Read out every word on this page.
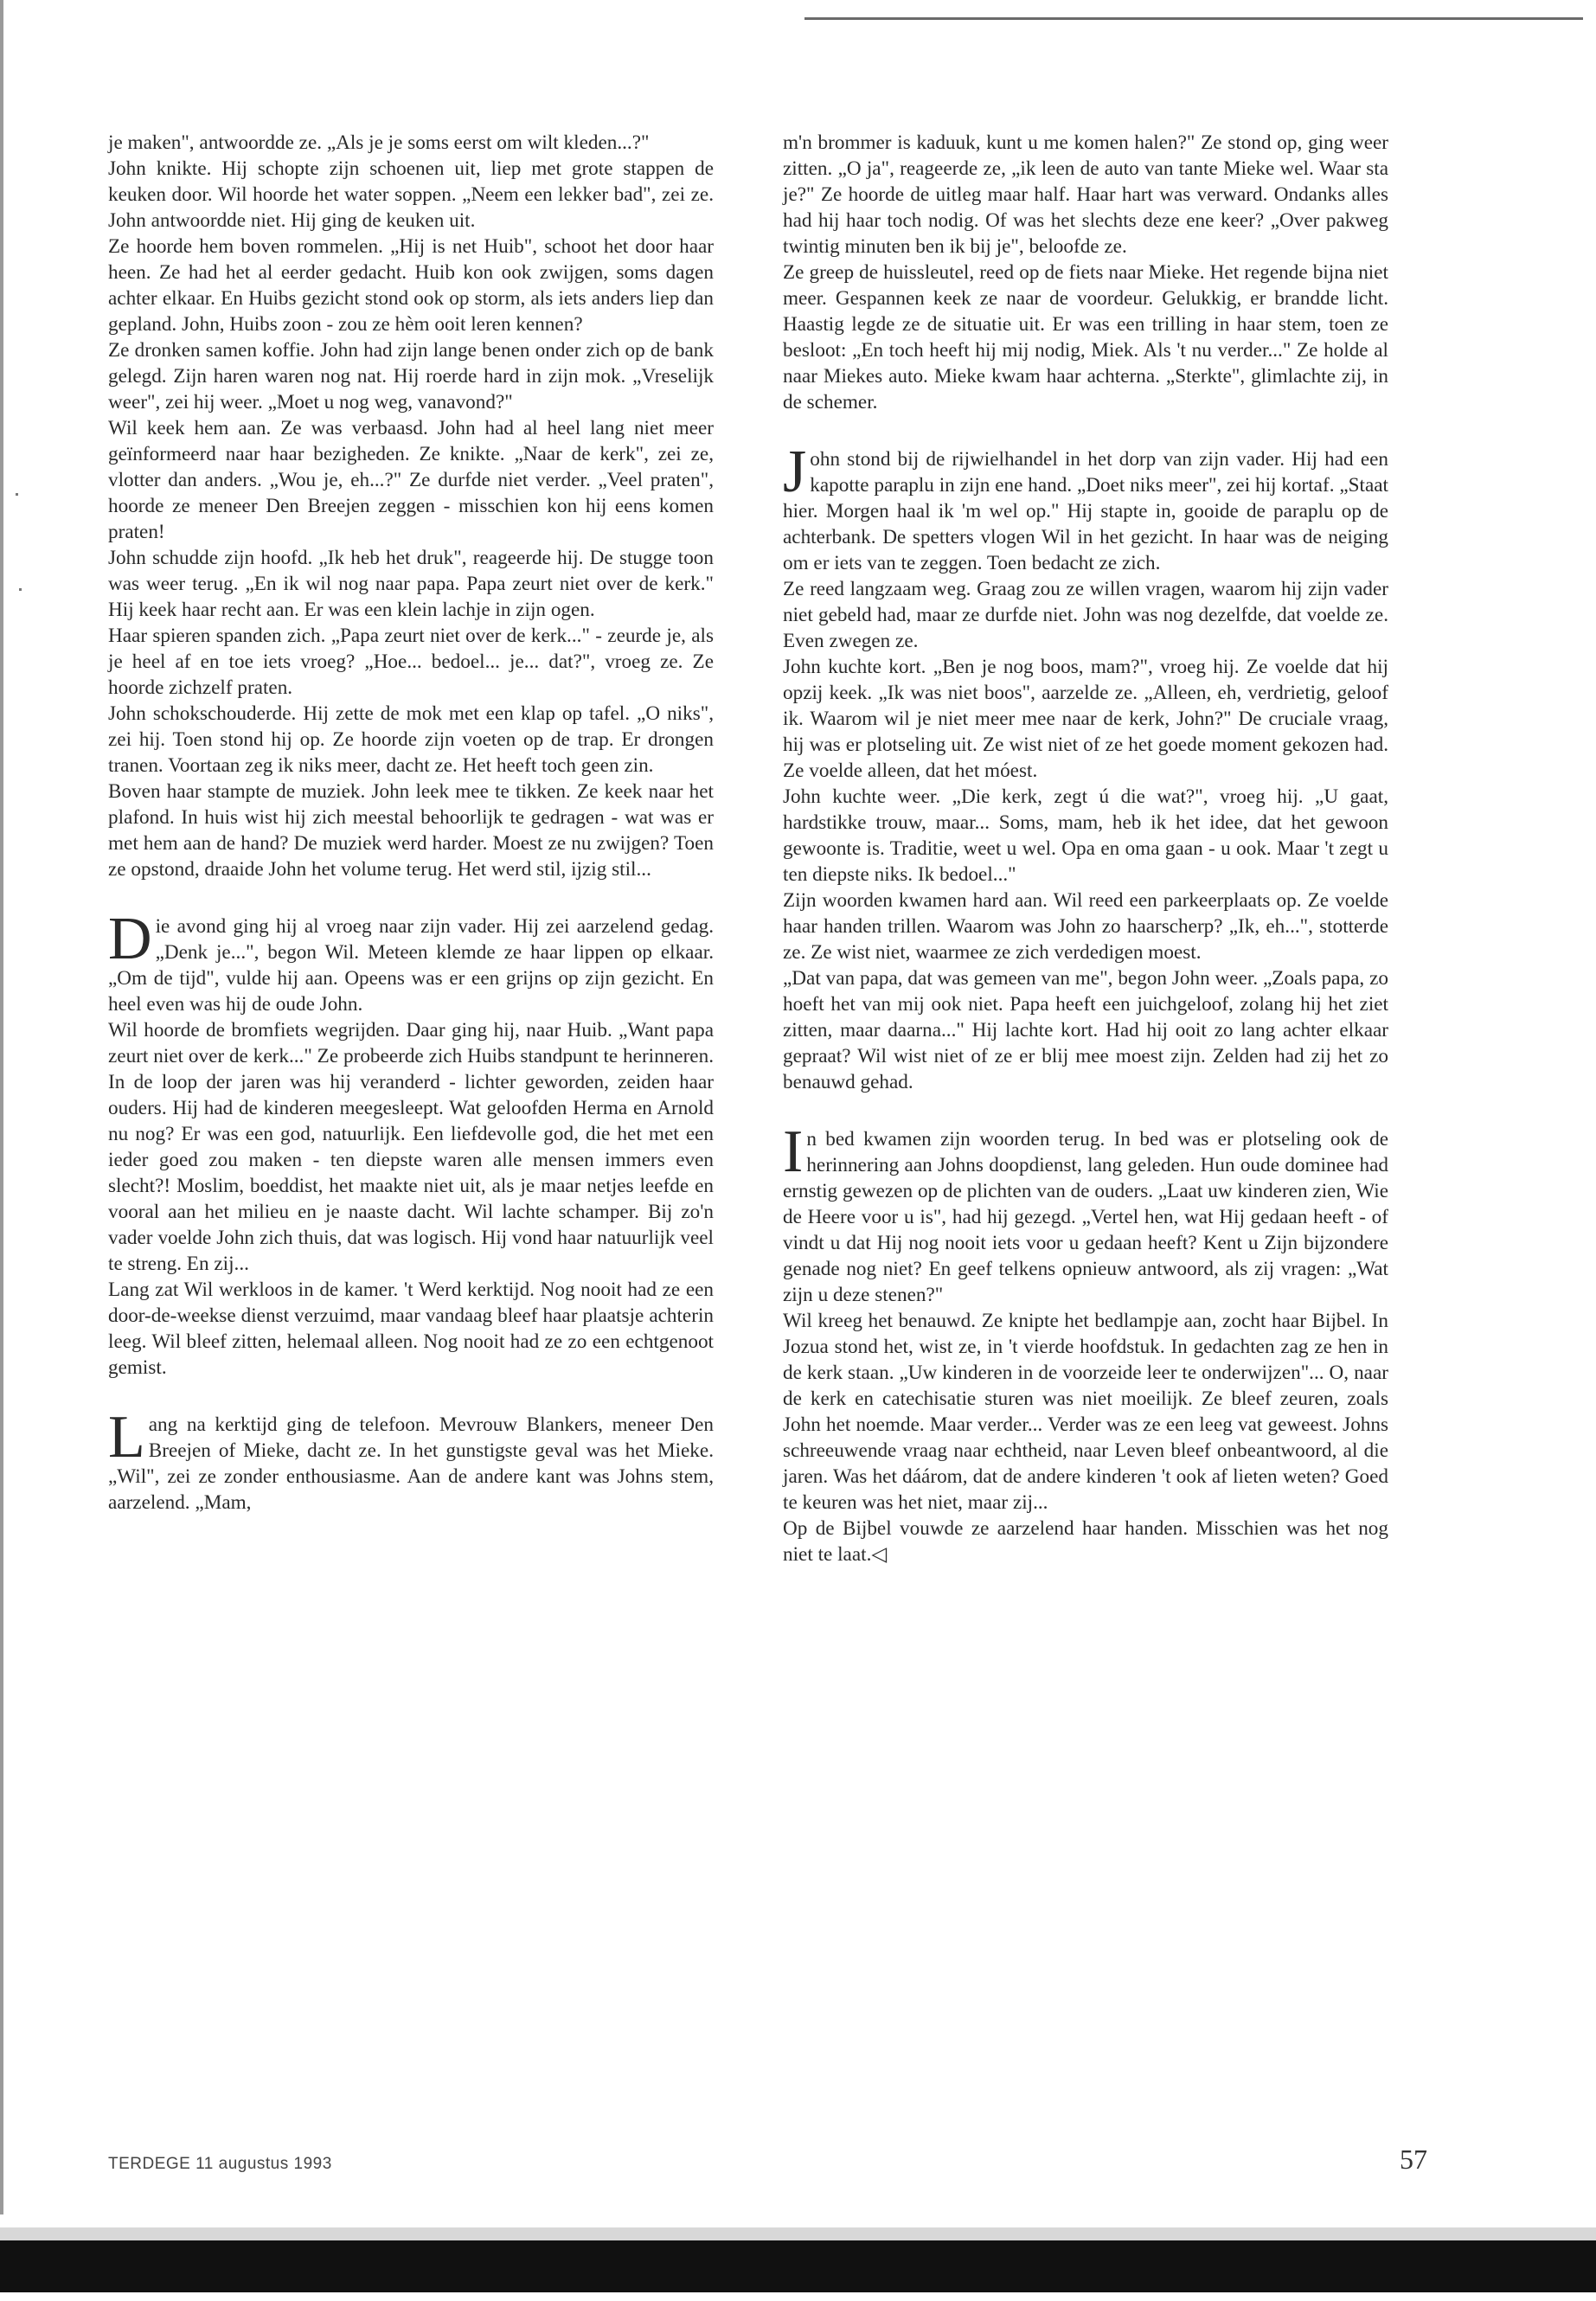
je maken", antwoordde ze. „Als je je soms eerst om wilt kleden...?"

John knikte. Hij schopte zijn schoenen uit, liep met grote stappen de keuken door. Wil hoorde het water soppen. „Neem een lekker bad", zei ze. John antwoordde niet. Hij ging de keuken uit.

Ze hoorde hem boven rommelen. „Hij is net Huib", schoot het door haar heen. Ze had het al eerder gedacht. Huib kon ook zwijgen, soms dagen achter elkaar. En Huibs gezicht stond ook op storm, als iets anders liep dan gepland. John, Huibs zoon - zou ze hèm ooit leren kennen?

Ze dronken samen koffie. John had zijn lange benen onder zich op de bank gelegd. Zijn haren waren nog nat. Hij roerde hard in zijn mok. „Vreselijk weer", zei hij weer. „Moet u nog weg, vanavond?"

Wil keek hem aan. Ze was verbaasd. John had al heel lang niet meer geïnformeerd naar haar bezigheden. Ze knikte. „Naar de kerk", zei ze, vlotter dan anders. „Wou je, eh...?" Ze durfde niet verder. „Veel praten", hoorde ze meneer Den Breejen zeggen - misschien kon hij eens komen praten!

John schudde zijn hoofd. „Ik heb het druk", reageerde hij. De stugge toon was weer terug. „En ik wil nog naar papa. Papa zeurt niet over de kerk." Hij keek haar recht aan. Er was een klein lachje in zijn ogen.

Haar spieren spanden zich. „Papa zeurt niet over de kerk..." - zeurde je, als je heel af en toe iets vroeg? „Hoe... bedoel... je... dat?", vroeg ze. Ze hoorde zichzelf praten.

John schokschouderde. Hij zette de mok met een klap op tafel. „O niks", zei hij. Toen stond hij op. Ze hoorde zijn voeten op de trap. Er drongen tranen. Voortaan zeg ik niks meer, dacht ze. Het heeft toch geen zin.

Boven haar stampte de muziek. John leek mee te tikken. Ze keek naar het plafond. In huis wist hij zich meestal behoorlijk te gedragen - wat was er met hem aan de hand? De muziek werd harder. Moest ze nu zwijgen? Toen ze opstond, draaide John het volume terug. Het werd stil, ijzig stil...

Die avond ging hij al vroeg naar zijn vader. Hij zei aarzelend gedag. „Denk je...", begon Wil. Meteen klemde ze haar lippen op elkaar. „Om de tijd", vulde hij aan. Opeens was er een grijns op zijn gezicht. En heel even was hij de oude John.

Wil hoorde de bromfiets wegrijden. Daar ging hij, naar Huib. „Want papa zeurt niet over de kerk..." Ze probeerde zich Huibs standpunt te herinneren. In de loop der jaren was hij veranderd - lichter geworden, zeiden haar ouders. Hij had de kinderen meegesleept. Wat geloofden Herma en Arnold nu nog? Er was een god, natuurlijk. Een liefdevolle god, die het met een ieder goed zou maken - ten diepste waren alle mensen immers even slecht?! Moslim, boeddist, het maakte niet uit, als je maar netjes leefde en vooral aan het milieu en je naaste dacht. Wil lachte schamper. Bij zo'n vader voelde John zich thuis, dat was logisch. Hij vond haar natuurlijk veel te streng. En zij...

Lang zat Wil werkloos in de kamer. 't Werd kerktijd. Nog nooit had ze een door-de-weekse dienst verzuimd, maar vandaag bleef haar plaatsje achterin leeg. Wil bleef zitten, helemaal alleen. Nog nooit had ze zo een echtgenoot gemist.

Lang na kerktijd ging de telefoon. Mevrouw Blankers, meneer Den Breejen of Mieke, dacht ze. In het gunstigste geval was het Mieke. „Wil", zei ze zonder enthousiasme. Aan de andere kant was Johns stem, aarzelend. „Mam,

m'n brommer is kaduuk, kunt u me komen halen?" Ze stond op, ging weer zitten. „O ja", reageerde ze, „ik leen de auto van tante Mieke wel. Waar sta je?" Ze hoorde de uitleg maar half. Haar hart was verward. Ondanks alles had hij haar toch nodig. Of was het slechts deze ene keer? „Over pakweg twintig minuten ben ik bij je", beloofde ze.

Ze greep de huissleutel, reed op de fiets naar Mieke. Het regende bijna niet meer. Gespannen keek ze naar de voordeur. Gelukkig, er brandde licht. Haastig legde ze de situatie uit. Er was een trilling in haar stem, toen ze besloot: „En toch heeft hij mij nodig, Miek. Als 't nu verder..." Ze holde al naar Miekes auto. Mieke kwam haar achterna. „Sterkte", glimlachte zij, in de schemer.

John stond bij de rijwielhandel in het dorp van zijn vader. Hij had een kapotte paraplu in zijn ene hand. „Doet niks meer", zei hij kortaf. „Staat hier. Morgen haal ik 'm wel op." Hij stapte in, gooide de paraplu op de achterbank. De spetters vlogen Wil in het gezicht. In haar was de neiging om er iets van te zeggen. Toen bedacht ze zich.

Ze reed langzaam weg. Graag zou ze willen vragen, waarom hij zijn vader niet gebeld had, maar ze durfde niet. John was nog dezelfde, dat voelde ze. Even zwegen ze.

John kuchte kort. „Ben je nog boos, mam?", vroeg hij. Ze voelde dat hij opzij keek. „Ik was niet boos", aarzelde ze. „Alleen, eh, verdrietig, geloof ik. Waarom wil je niet meer mee naar de kerk, John?" De cruciale vraag, hij was er plotseling uit. Ze wist niet of ze het goede moment gekozen had. Ze voelde alleen, dat het móest.

John kuchte weer. „Die kerk, zegt ú die wat?", vroeg hij. „U gaat, hardstikke trouw, maar... Soms, mam, heb ik het idee, dat het gewoon gewoonte is. Traditie, weet u wel. Opa en oma gaan - u ook. Maar 't zegt u ten diepste niks. Ik bedoel..."

Zijn woorden kwamen hard aan. Wil reed een parkeerplaats op. Ze voelde haar handen trillen. Waarom was John zo haarscherp? „Ik, eh...", stotterde ze. Ze wist niet, waarmee ze zich verdedigen moest.

„Dat van papa, dat was gemeen van me", begon John weer. „Zoals papa, zo hoeft het van mij ook niet. Papa heeft een juichgeloof, zolang hij het ziet zitten, maar daarna..." Hij lachte kort. Had hij ooit zo lang achter elkaar gepraat? Wil wist niet of ze er blij mee moest zijn. Zelden had zij het zo benauwd gehad.

In bed kwamen zijn woorden terug. In bed was er plotseling ook de herinnering aan Johns doopdienst, lang geleden. Hun oude dominee had ernstig gewezen op de plichten van de ouders. „Laat uw kinderen zien, Wie de Heere voor u is", had hij gezegd. „Vertel hen, wat Hij gedaan heeft - of vindt u dat Hij nog nooit iets voor u gedaan heeft? Kent u Zijn bijzondere genade nog niet? En geef telkens opnieuw antwoord, als zij vragen: „Wat zijn u deze stenen?"

Wil kreeg het benauwd. Ze knipte het bedlampje aan, zocht haar Bijbel. In Jozua stond het, wist ze, in 't vierde hoofdstuk. In gedachten zag ze hen in de kerk staan. „Uw kinderen in de voorzeide leer te onderwijzen"... O, naar de kerk en catechisatie sturen was niet moeilijk. Ze bleef zeuren, zoals John het noemde. Maar verder... Verder was ze een leeg vat geweest. Johns schreeuwende vraag naar echtheid, naar Leven bleef onbeantwoord, al die jaren. Was het dáárom, dat de andere kinderen 't ook af lieten weten? Goed te keuren was het niet, maar zij...

Op de Bijbel vouwde ze aarzelend haar handen. Misschien was het nog niet te laat.◁

TERDEGE 11 augustus 1993	57
